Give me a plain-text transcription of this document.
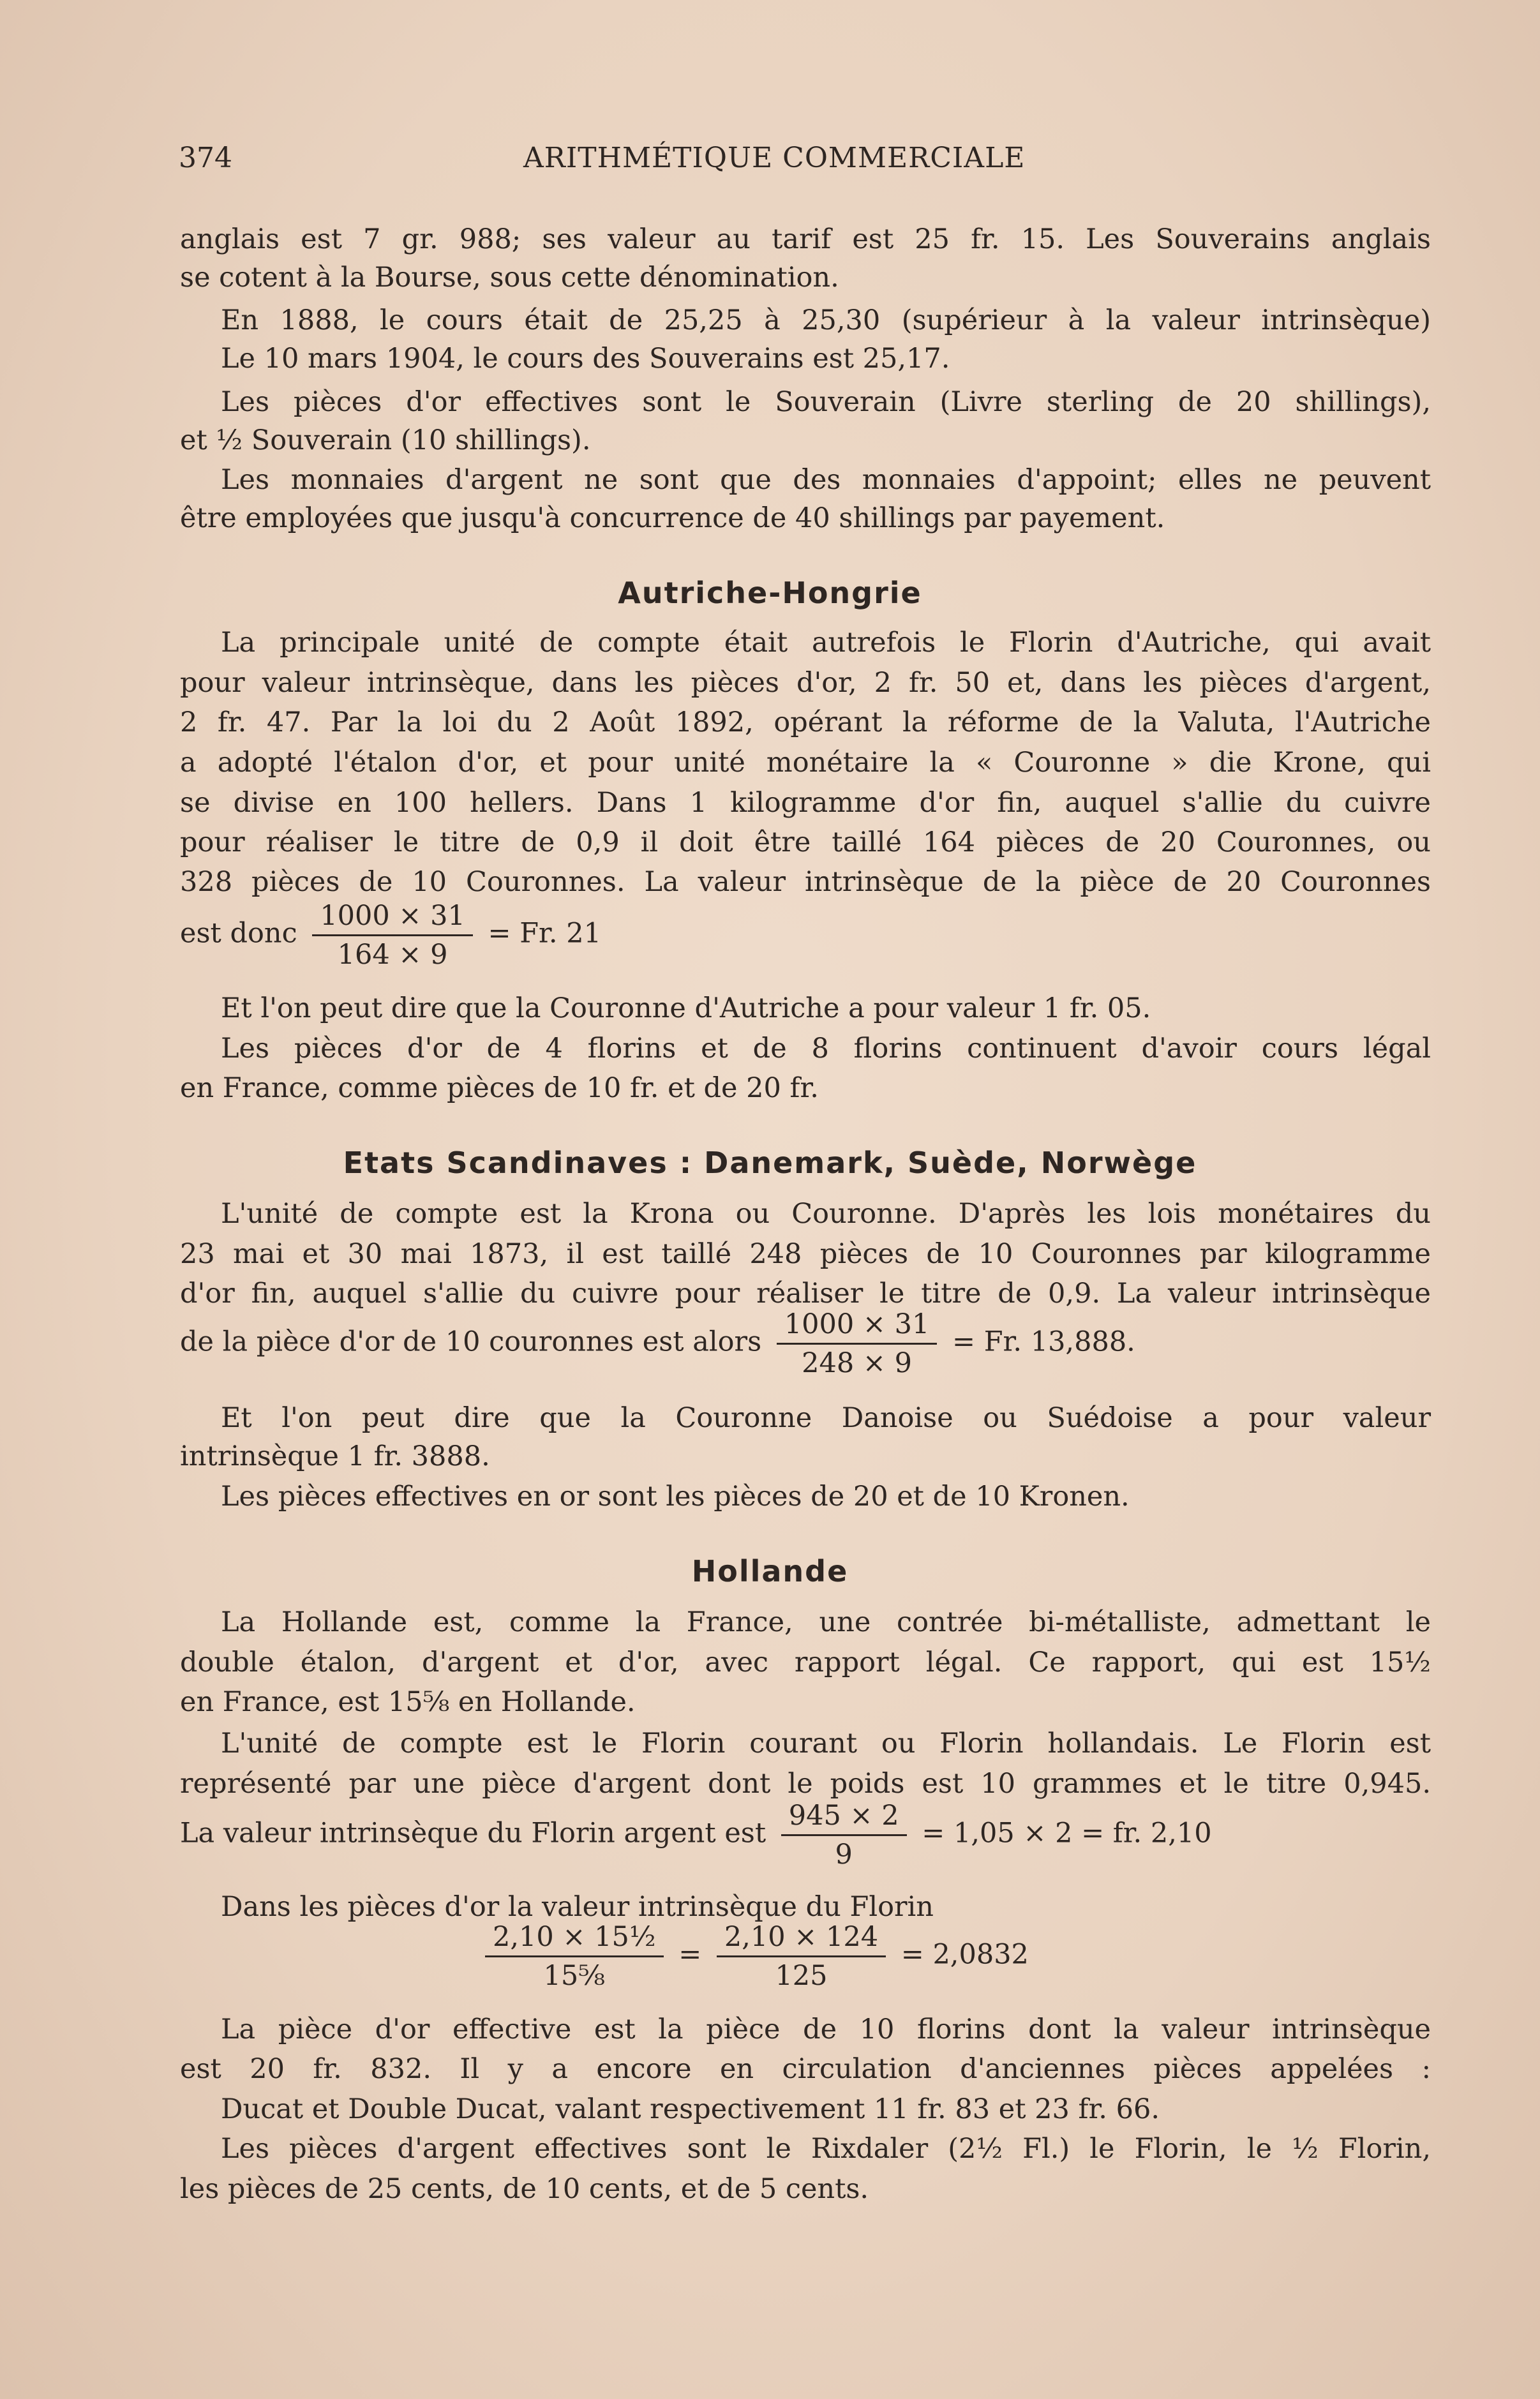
374	ARITHMÉTIQUE COMMERCIALE
anglais est 7 gr. 988; ses valeur au tarif est 25 fr. 15. Les Souverains anglais
se cotent à la Bourse, sous cette dénomination.
En 1888, le cours était de 25,25 à 25,30 (supérieur à la valeur intrinsèque)
Le 10 mars 1904, le cours des Souverains est 25,17.
Les pièces d'or effectives sont le Souverain (Livre sterling de 20 shillings),
et ½ Souverain (10 shillings).
Les monnaies d'argent ne sont que des monnaies d'appoint; elles ne peuvent
être employées que jusqu'à concurrence de 40 shillings par payement.
Autriche-Hongrie
La principale unité de compte était autrefois le Florin d'Autriche, qui avait
pour valeur intrinsèque, dans les pièces d'or, 2 fr. 50 et, dans les pièces d'argent,
2 fr. 47. Par la loi du 2 Août 1892, opérant la réforme de la Valuta, l'Autriche
a adopté l'étalon d'or, et pour unité monétaire la « Couronne » die Krone, qui
se divise en 100 hellers. Dans 1 kilogramme d'or fin, auquel s'allie du cuivre
pour réaliser le titre de 0,9 il doit être taillé 164 pièces de 20 Couronnes, ou
328 pièces de 10 Couronnes. La valeur intrinsèque de la pièce de 20 Couronnes
est donc $\frac{1000 \times 31}{164 \times 9} = Fr$. 21
Et l'on peut dire que la Couronne d'Autriche a pour valeur 1 fr. 05.
Les pièces d'or de 4 florins et de 8 florins continuent d'avoir cours légal
en France, comme pièces de 10 fr. et de 20 fr.
Etats Scandinaves : Danemark, Suède, Norwège
L'unité de compte est la Krona ou Couronne. D'après les lois monétaires du
23 mai et 30 mai 1873, il est taillé 248 pièces de 10 Couronnes par kilogramme
d'or fin, auquel s'allie du cuivre pour réaliser le titre de 0,9. La valeur intrinsèque
de la pièce d'or de 10 couronnes est alors $\frac{1000 \times 31}{248 \times 9} = Fr$. 13,888.
Et l'on peut dire que la Couronne Danoise ou Suédoise a pour valeur
intrinsèque 1 fr. 3888.
Les pièces effectives en or sont les pièces de 20 et de 10 Kronen.
Hollande
La Hollande est, comme la France, une contrée bi-métalliste, admettant le
double étalon, d'argent et d'or, avec rapport légal. Ce rapport, qui est 15½
en France, est 15⅝ en Hollande.
L'unité de compte est le Florin courant ou Florin hollandais. Le Florin est
représenté par une pièce d'argent dont le poids est 10 grammes et le titre 0,945.
La valeur intrinsèque du Florin argent est $\frac{945 \times 2}{9} = 1,05 \times 2$ = fr. 2,10
Dans les pièces d'or la valeur intrinsèque du Florin
$\frac{\text{2,10 × 15½}}{\text{15⅝}} = \frac{2,10 \times 124}{125} = 2,0832$
La pièce d'or effective est la pièce de 10 florins dont la valeur intrinsèque
est 20 fr. 832. Il y a encore en circulation d'anciennes pièces appelées :
Ducat et Double Ducat, valant respectivement 11 fr. 83 et 23 fr. 66.
Les pièces d'argent effectives sont le Rixdaler (2½ Fl.) le Florin, le ½ Florin,
les pièces de 25 cents, de 10 cents, et de 5 cents.
